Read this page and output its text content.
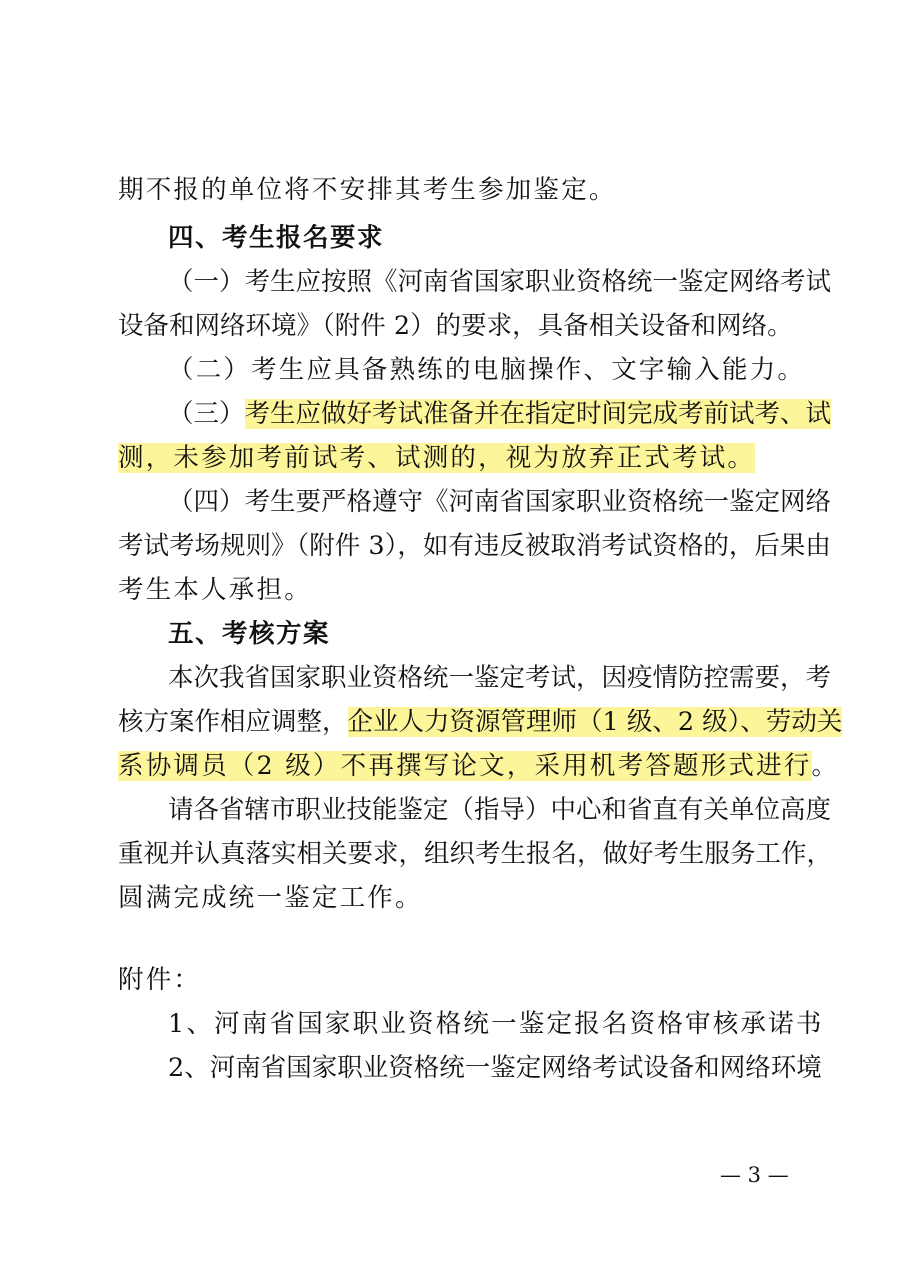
期不报的单位将不安排其考生参加鉴定。
四、考生报名要求
（一）考生应按照《河南省国家职业资格统一鉴定网络考试
设备和网络环境》（附件 2）的要求，具备相关设备和网络。
（二）考生应具备熟练的电脑操作、文字输入能力。
（三）考生应做好考试准备并在指定时间完成考前试考、试
测，未参加考前试考、试测的，视为放弃正式考试。
（四）考生要严格遵守《河南省国家职业资格统一鉴定网络
考试考场规则》（附件 3），如有违反被取消考试资格的，后果由
考生本人承担。
五、考核方案
本次我省国家职业资格统一鉴定考试，因疫情防控需要，考
核方案作相应调整，企业人力资源管理师（1 级、2 级）、劳动关
系协调员（2 级）不再撰写论文，采用机考答题形式进行。
请各省辖市职业技能鉴定（指导）中心和省直有关单位高度
重视并认真落实相关要求，组织考生报名，做好考生服务工作，
圆满完成统一鉴定工作。
附件：
1、河南省国家职业资格统一鉴定报名资格审核承诺书
2、河南省国家职业资格统一鉴定网络考试设备和网络环境
— 3 —
